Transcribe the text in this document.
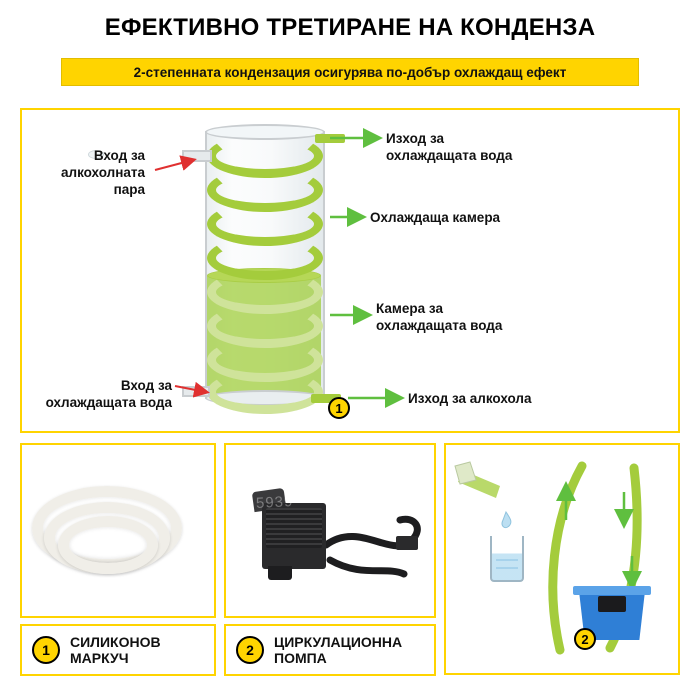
ЕФЕКТИВНО ТРЕТИРАНЕ НА КОНДЕНЗА
2-степенната кондензация осигурява по-добър охлаждащ ефект
Вход за
алкохолната
пара
Изход за
охлаждащата вода
Охлаждаща камера
Камера за
охлаждащата вода
Вход за
охлаждащата вода	Изход за алкохола
1
5939
2
1
СИЛИКОНОВ
МАРКУЧ	2
ЦИРКУЛАЦИОННА
ПОМПА
